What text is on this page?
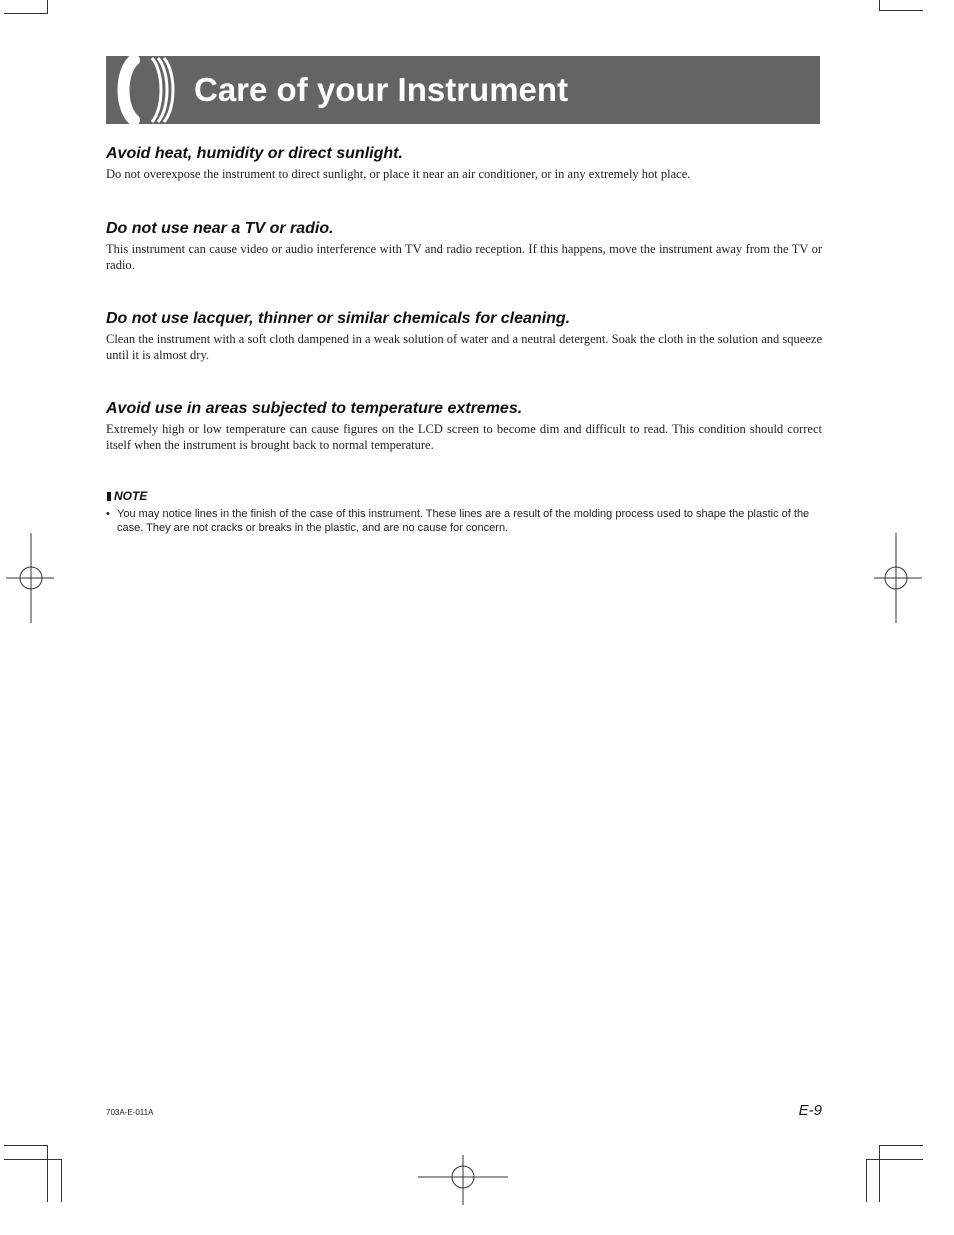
Care of your Instrument
Avoid heat, humidity or direct sunlight.

Do not overexpose the instrument to direct sunlight, or place it near an air conditioner, or in any extremely hot place.

Do not use near a TV or radio.

This instrument can cause video or audio interference with TV and radio reception. If this happens, move the instrument away from the TV or radio.

Do not use lacquer, thinner or similar chemicals for cleaning.

Clean the instrument with a soft cloth dampened in a weak solution of water and a neutral detergent. Soak the cloth in the solution and squeeze until it is almost dry.

Avoid use in areas subjected to temperature extremes.

Extremely high or low temperature can cause figures on the LCD screen to become dim and difficult to read. This condition should correct itself when the instrument is brought back to normal temperature.

NOTE
• You may notice lines in the finish of the case of this instrument. These lines are a result of the molding process used to shape the plastic of the case. They are not cracks or breaks in the plastic, and are no cause for concern.
703A-E-011A	E-9
